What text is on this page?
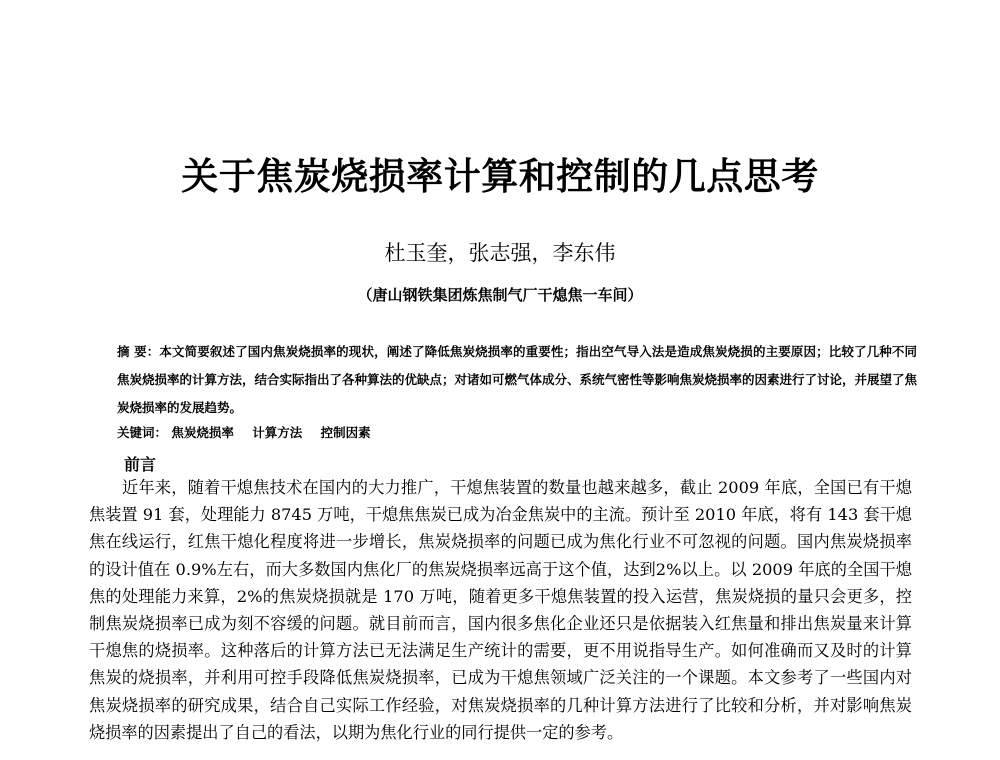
关于焦炭烧损率计算和控制的几点思考
杜玉奎，张志强，李东伟
（唐山钢铁集团炼焦制气厂干熄焦一车间）
摘 要：本文简要叙述了国内焦炭烧损率的现状，阐述了降低焦炭烧损率的重要性；指出空气导入法是造成焦炭烧损的主要原因；比较了几种不同焦炭烧损率的计算方法，结合实际指出了各种算法的优缺点；对诸如可燃气体成分、系统气密性等影响焦炭烧损率的因素进行了讨论，并展望了焦炭烧损率的发展趋势。
关键词： 焦炭烧损率 计算方法 控制因素
前言
近年来，随着干熄焦技术在国内的大力推广，干熄焦装置的数量也越来越多，截止 2009 年底，全国已有干熄焦装置 91 套，处理能力 8745 万吨，干熄焦焦炭已成为冶金焦炭中的主流。预计至 2010 年底，将有 143 套干熄焦在线运行，红焦干熄化程度将进一步增长，焦炭烧损率的问题已成为焦化行业不可忽视的问题。国内焦炭烧损率的设计值在 0.9%左右，而大多数国内焦化厂的焦炭烧损率远高于这个值，达到2%以上。以 2009 年底的全国干熄焦的处理能力来算，2%的焦炭烧损就是 170 万吨，随着更多干熄焦装置的投入运营，焦炭烧损的量只会更多，控制焦炭烧损率已成为刻不容缓的问题。就目前而言，国内很多焦化企业还只是依据装入红焦量和排出焦炭量来计算干熄焦的烧损率。这种落后的计算方法已无法满足生产统计的需要，更不用说指导生产。如何准确而又及时的计算焦炭的烧损率，并利用可控手段降低焦炭烧损率，已成为干熄焦领域广泛关注的一个课题。本文参考了一些国内对焦炭烧损率的研究成果，结合自己实际工作经验，对焦炭烧损率的几种计算方法进行了比较和分析，并对影响焦炭烧损率的因素提出了自己的看法，以期为焦化行业的同行提供一定的参考。
